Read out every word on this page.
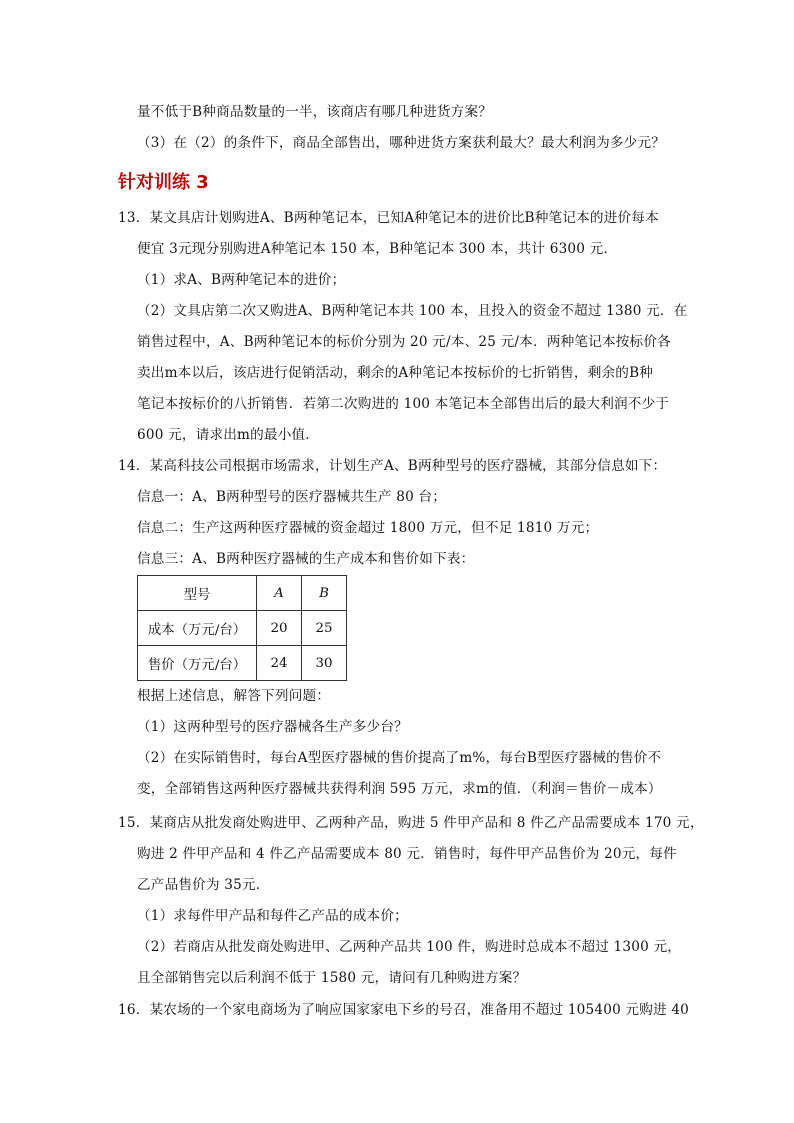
量不低于B种商品数量的一半，该商店有哪几种进货方案？
（3）在（2）的条件下，商品全部售出，哪种进货方案获利最大？最大利润为多少元？
针对训练 3
13．某文具店计划购进A、B两种笔记本，已知A种笔记本的进价比B种笔记本的进价每本
便宜 3元现分别购进A种笔记本 150 本，B种笔记本 300 本，共计 6300 元．
（1）求A、B两种笔记本的进价；
（2）文具店第二次又购进A、B两种笔记本共 100 本，且投入的资金不超过 1380 元．在
销售过程中，A、B两种笔记本的标价分别为 20 元/本、25 元/本．两种笔记本按标价各
卖出m本以后，该店进行促销活动，剩余的A种笔记本按标价的七折销售，剩余的B种
笔记本按标价的八折销售．若第二次购进的 100 本笔记本全部售出后的最大利润不少于
600 元，请求出m的最小值．
14．某高科技公司根据市场需求，计划生产A、B两种型号的医疗器械，其部分信息如下：
信息一：A、B两种型号的医疗器械共生产 80 台；
信息二：生产这两种医疗器械的资金超过 1800 万元，但不足 1810 万元；
信息三：A、B两种医疗器械的生产成本和售价如下表：
型号	A	B
成本（万元/台）	20	25
售价（万元/台）	24	30
根据上述信息，解答下列问题：
（1）这两种型号的医疗器械各生产多少台？
（2）在实际销售时，每台A型医疗器械的售价提高了m%，每台B型医疗器械的售价不
变，全部销售这两种医疗器械共获得利润 595 万元，求m的值．（利润＝售价－成本）
15．某商店从批发商处购进甲、乙两种产品，购进 5 件甲产品和 8 件乙产品需要成本 170 元，
购进 2 件甲产品和 4 件乙产品需要成本 80 元．销售时，每件甲产品售价为 20元，每件
乙产品售价为 35元．
（1）求每件甲产品和每件乙产品的成本价；
（2）若商店从批发商处购进甲、乙两种产品共 100 件，购进时总成本不超过 1300 元，
且全部销售完以后利润不低于 1580 元，请问有几种购进方案？
16．某农场的一个家电商场为了响应国家家电下乡的号召，准备用不超过 105400 元购进 40
